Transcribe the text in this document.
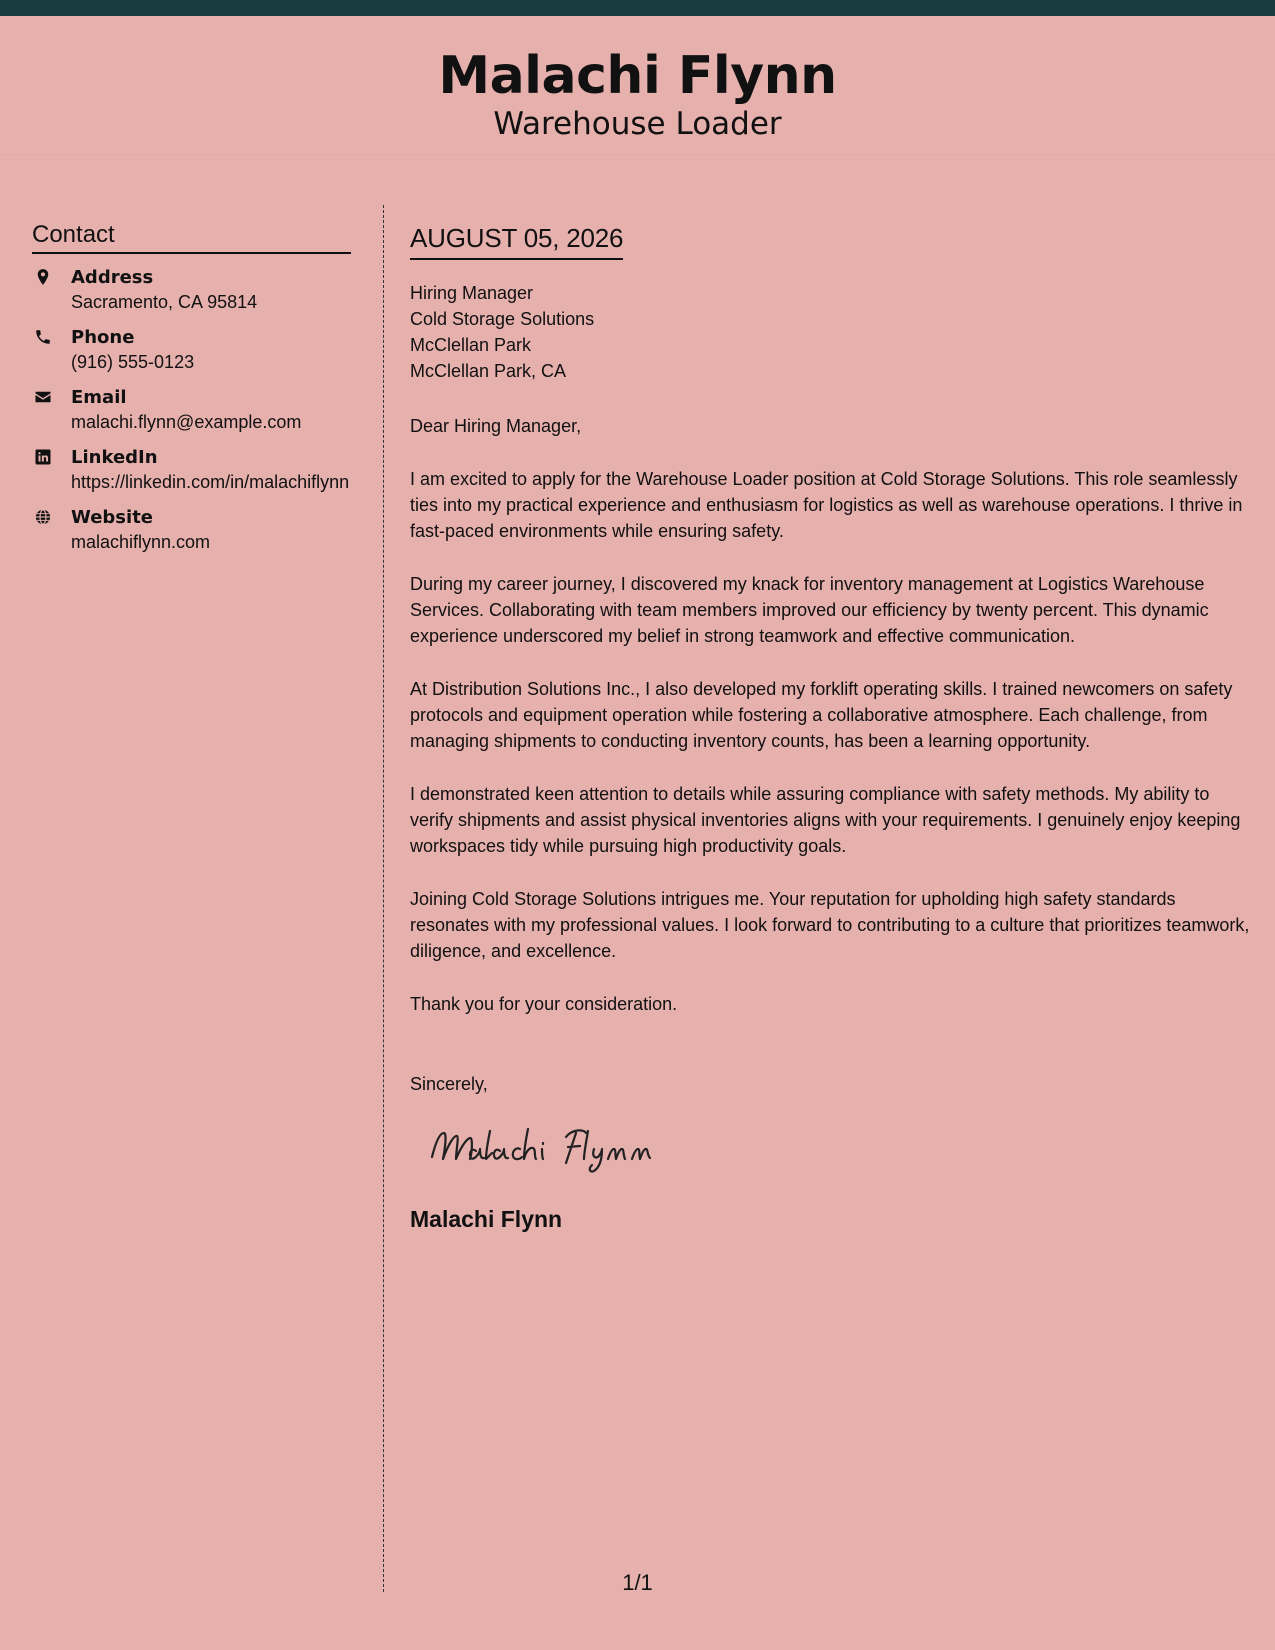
Malachi Flynn
Warehouse Loader
Contact
Address
Sacramento, CA 95814
Phone
(916) 555-0123
Email
malachi.flynn@example.com
LinkedIn
https://linkedin.com/in/malachiflynn
Website
malachiflynn.com
AUGUST 05, 2026
Hiring Manager
Cold Storage Solutions
McClellan Park
McClellan Park, CA
Dear Hiring Manager,

I am excited to apply for the Warehouse Loader position at Cold Storage Solutions. This role seamlessly ties into my practical experience and enthusiasm for logistics as well as warehouse operations. I thrive in fast-paced environments while ensuring safety.

During my career journey, I discovered my knack for inventory management at Logistics Warehouse Services. Collaborating with team members improved our efficiency by twenty percent. This dynamic experience underscored my belief in strong teamwork and effective communication.

At Distribution Solutions Inc., I also developed my forklift operating skills. I trained newcomers on safety protocols and equipment operation while fostering a collaborative atmosphere. Each challenge, from managing shipments to conducting inventory counts, has been a learning opportunity.

I demonstrated keen attention to details while assuring compliance with safety methods. My ability to verify shipments and assist physical inventories aligns with your requirements. I genuinely enjoy keeping workspaces tidy while pursuing high productivity goals.

Joining Cold Storage Solutions intrigues me. Your reputation for upholding high safety standards resonates with my professional values. I look forward to contributing to a culture that prioritizes teamwork, diligence, and excellence.

Thank you for your consideration.
Sincerely,
Malachi Flynn
1/1
